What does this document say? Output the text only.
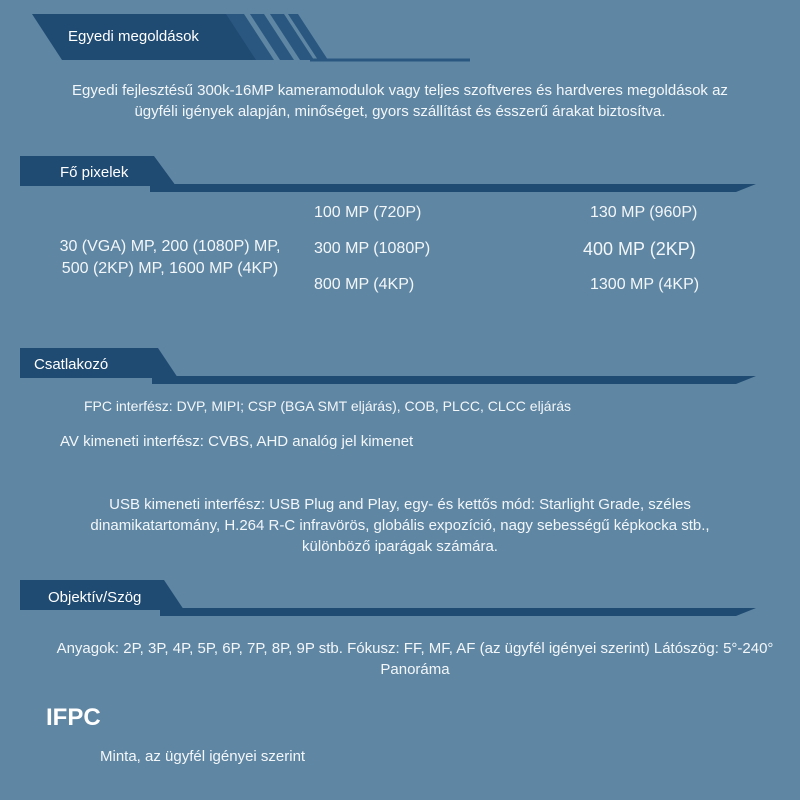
Egyedi megoldások
Egyedi fejlesztésű 300k-16MP kameramodulok vagy teljes szoftveres és hardveres megoldások az ügyféli igények alapján, minőséget, gyors szállítást és ésszerű árakat biztosítva.
Fő pixelek
30 (VGA) MP, 200 (1080P) MP, 500 (2KP) MP, 1600 MP (4KP)
100 MP (720P)	130 MP (960P)
300 MP (1080P)	400 MP (2KP)
800 MP (4KP)	1300 MP (4KP)
Csatlakozó
FPC interfész: DVP, MIPI; CSP (BGA SMT eljárás), COB, PLCC, CLCC eljárás
AV kimeneti interfész: CVBS, AHD analóg jel kimenet
USB kimeneti interfész: USB Plug and Play, egy- és kettős mód: Starlight Grade, széles dinamikatartomány, H.264 R-C infravörös, globális expozíció, nagy sebességű képkocka stb., különböző iparágak számára.
Objektív/Szög
Anyagok: 2P, 3P, 4P, 5P, 6P, 7P, 8P, 9P stb. Fókusz: FF, MF, AF (az ügyfél igényei szerint) Látószög: 5°-240° Panoráma
IFPC
Minta, az ügyfél igényei szerint
